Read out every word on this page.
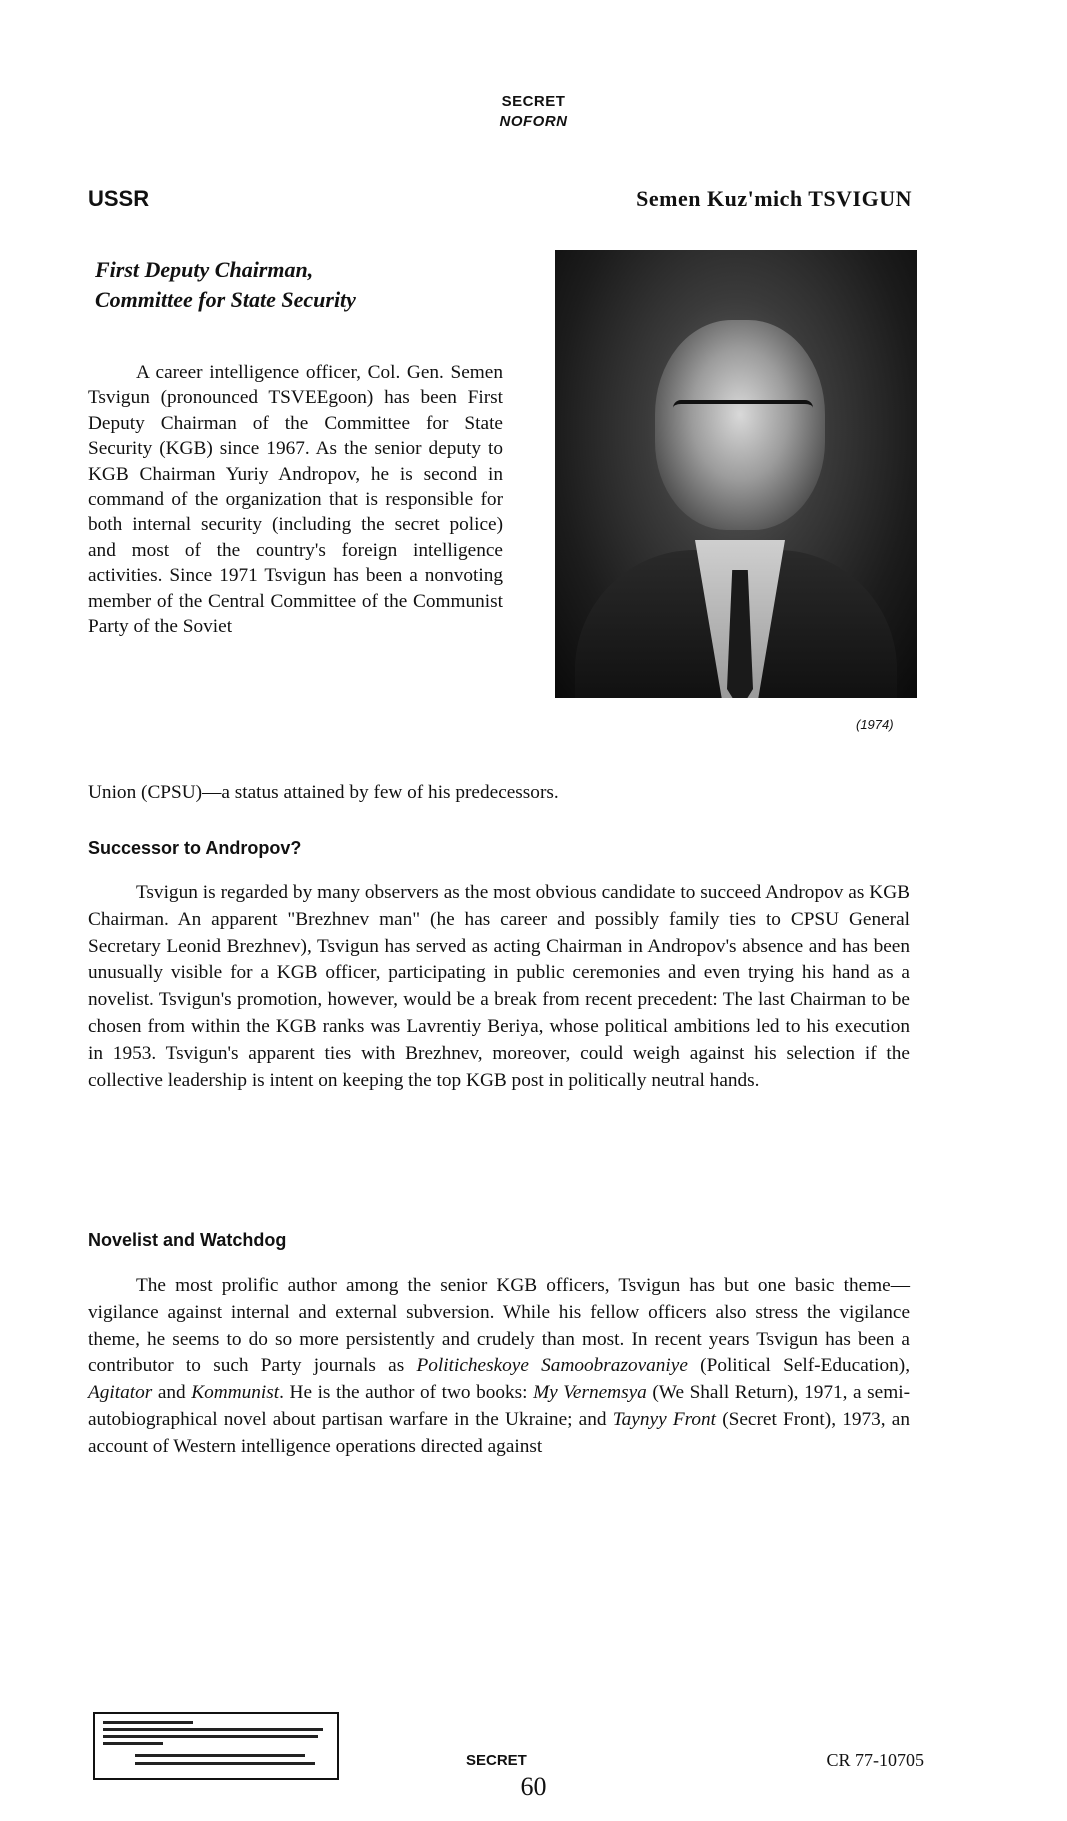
SECRET
NOFORN
USSR	Semen Kuz'mich TSVIGUN
First Deputy Chairman,
Committee for State Security
(1974)
A career intelligence officer, Col. Gen. Semen Tsvigun (pronounced TSVEEgoon) has been First Deputy Chairman of the Committee for State Security (KGB) since 1967. As the senior deputy to KGB Chairman Yuriy Andropov, he is second in command of the organization that is responsible for both internal security (including the secret police) and most of the country's foreign intelligence activities. Since 1971 Tsvigun has been a nonvoting member of the Central Committee of the Communist Party of the Soviet
Union (CPSU)—a status attained by few of his predecessors.
Successor to Andropov?
Tsvigun is regarded by many observers as the most obvious candidate to succeed Andropov as KGB Chairman. An apparent "Brezhnev man" (he has career and possibly family ties to CPSU General Secretary Leonid Brezhnev), Tsvigun has served as acting Chairman in Andropov's absence and has been unusually visible for a KGB officer, participating in public ceremonies and even trying his hand as a novelist. Tsvigun's promotion, however, would be a break from recent precedent: The last Chairman to be chosen from within the KGB ranks was Lavrentiy Beriya, whose political ambitions led to his execution in 1953. Tsvigun's apparent ties with Brezhnev, moreover, could weigh against his selection if the collective leadership is intent on keeping the top KGB post in politically neutral hands.
Novelist and Watchdog
The most prolific author among the senior KGB officers, Tsvigun has but one basic theme—vigilance against internal and external subversion. While his fellow officers also stress the vigilance theme, he seems to do so more persistently and crudely than most. In recent years Tsvigun has been a contributor to such Party journals as Politicheskoye Samoobrazovaniye (Political Self-Education), Agitator and Kommunist. He is the author of two books: My Vernemsya (We Shall Return), 1971, a semi-autobiographical novel about partisan warfare in the Ukraine; and Taynyy Front (Secret Front), 1973, an account of Western intelligence operations directed against
SECRET	CR 77-10705
60
